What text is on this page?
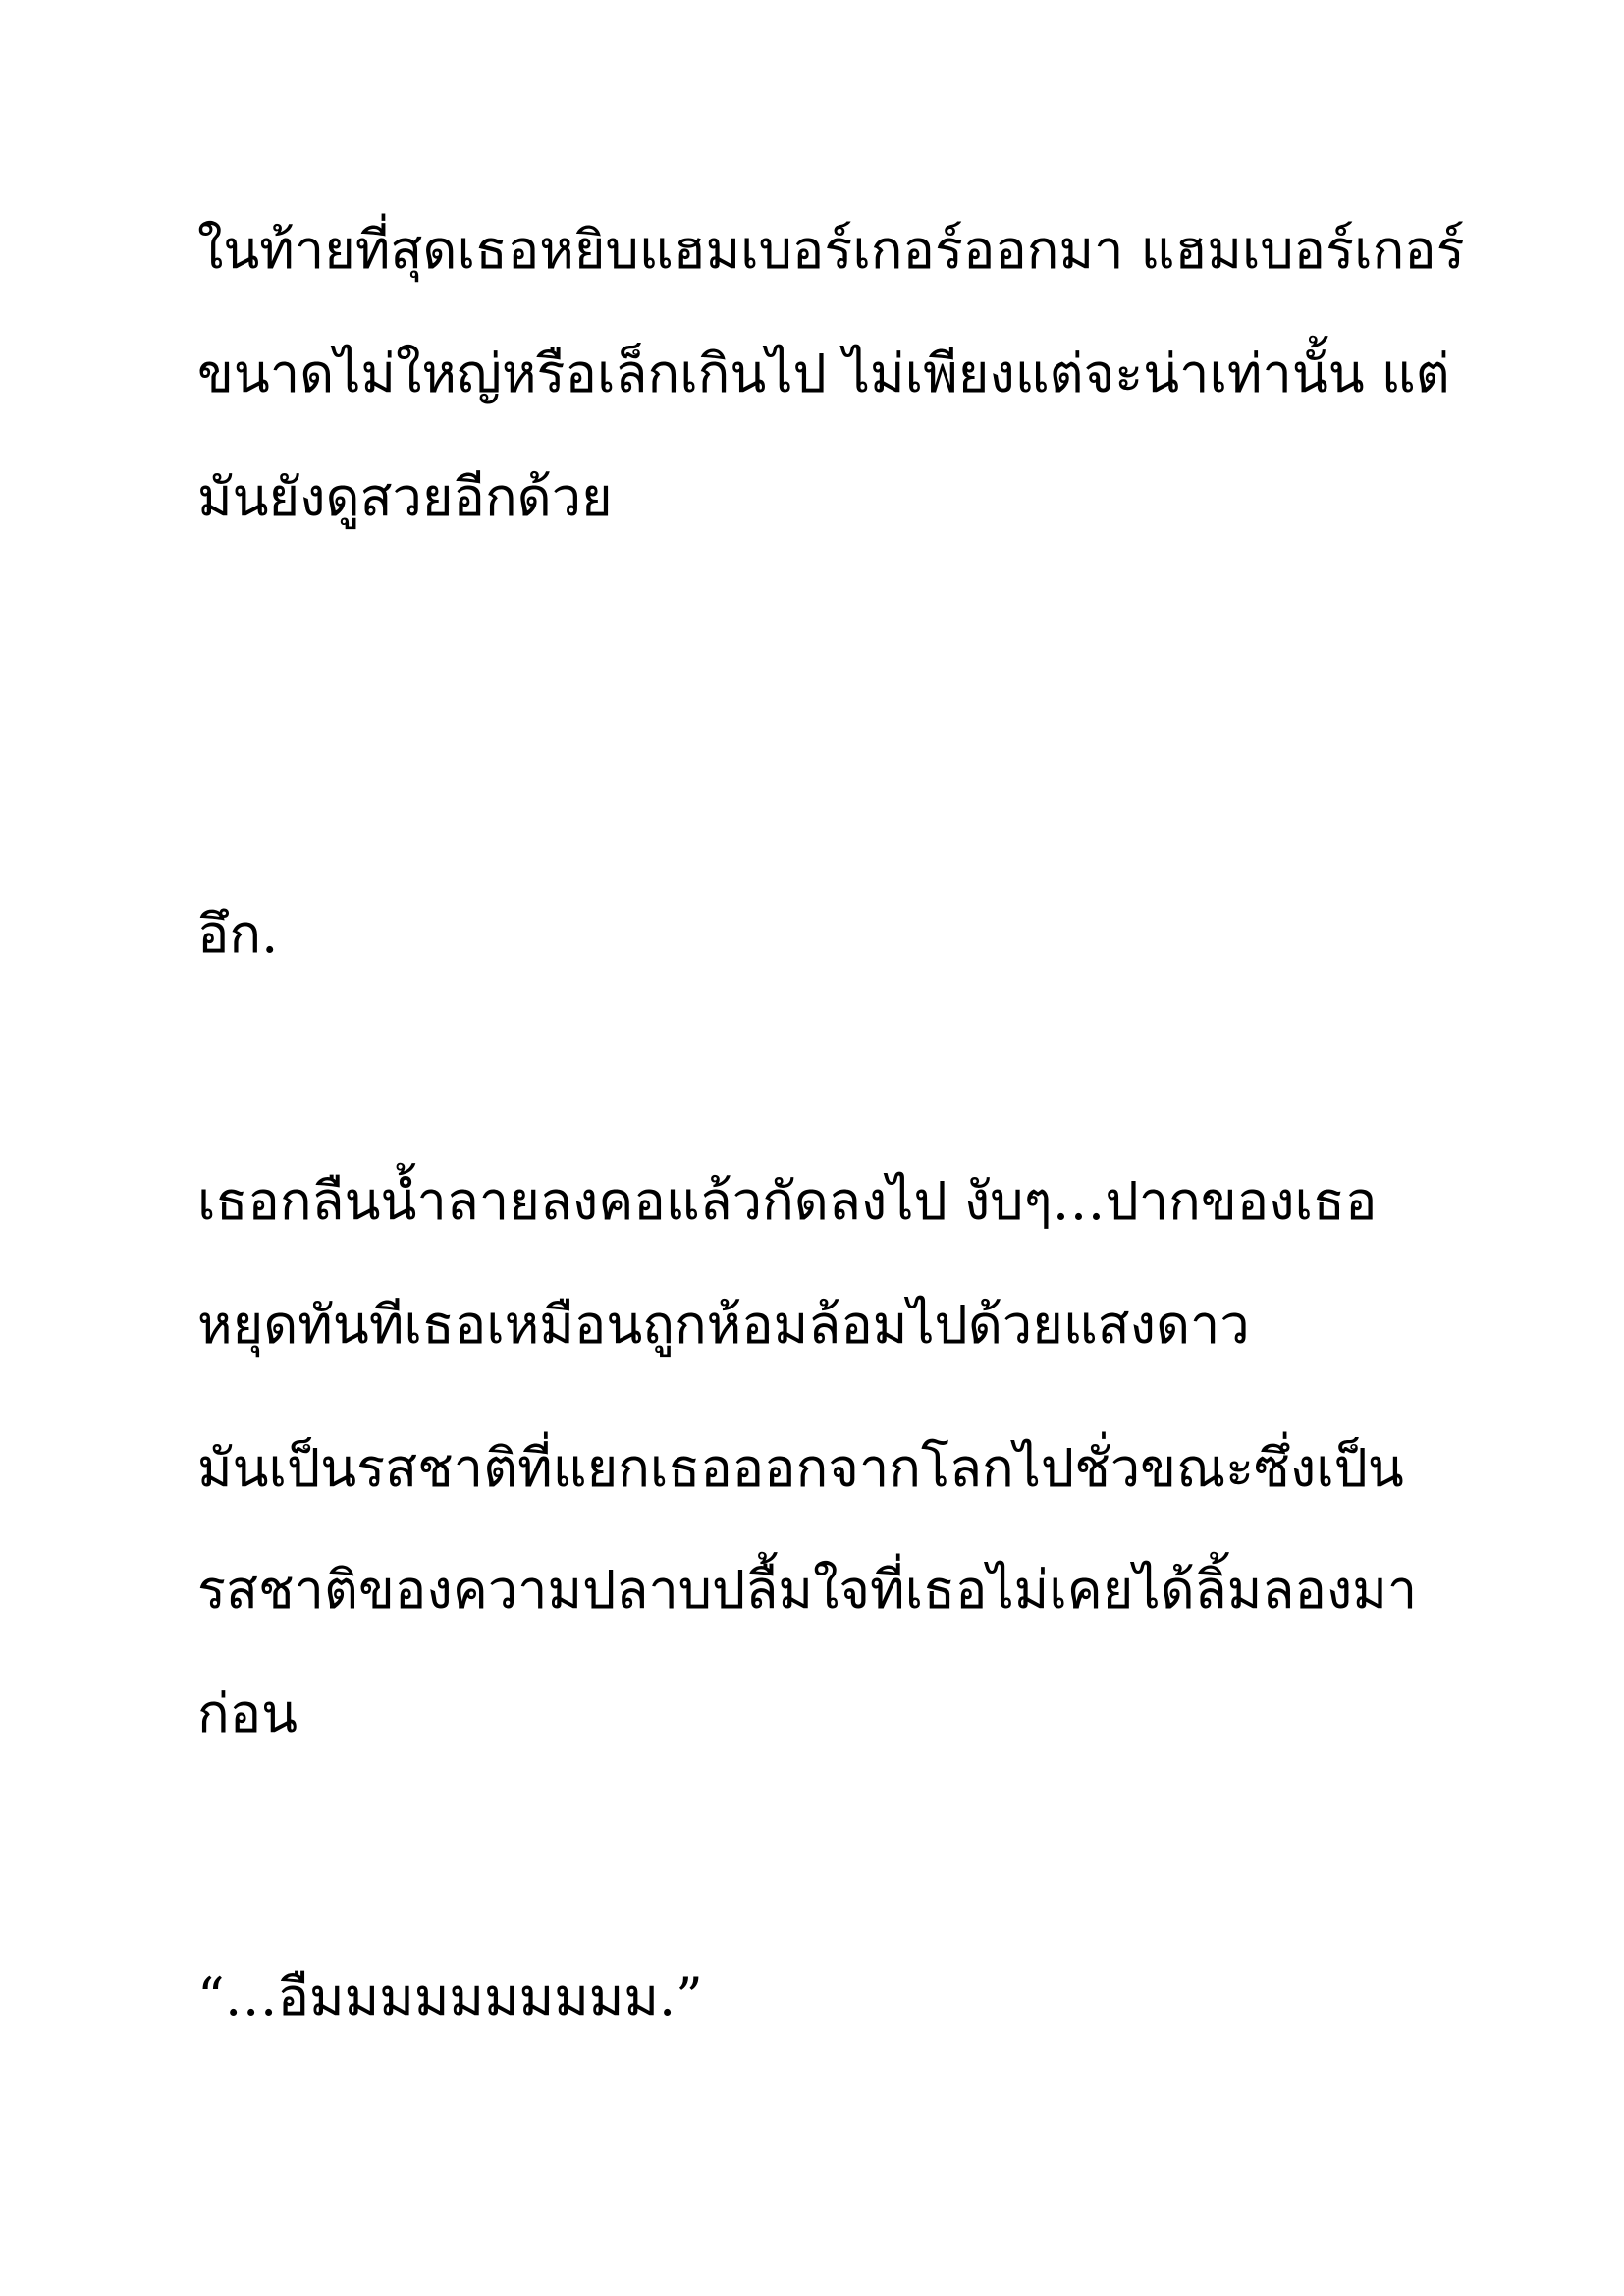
ในท้ายที่สุดเธอหยิบแฮมเบอร์เกอร์ออกมา แฮมเบอร์เกอร์

ขนาดไม่ใหญ่หรือเล็กเกินไป ไม่เพียงแต่จะน่าเท่านั้น แต่

มันยังดูสวยอีกด้วย

อึก.

เธอกลืนน้ำลายลงคอแล้วกัดลงไป งับๆ…ปากของเธอ

หยุดทันทีเธอเหมือนถูกห้อมล้อมไปด้วยแสงดาว

มันเป็นรสชาติที่แยกเธอออกจากโลกไปชั่วขณะซึ่งเป็น

รสชาติของความปลาบปลื้มใจที่เธอไม่เคยได้ลิ้มลองมา

ก่อน

“…อืมมมมมมมมมม.”
